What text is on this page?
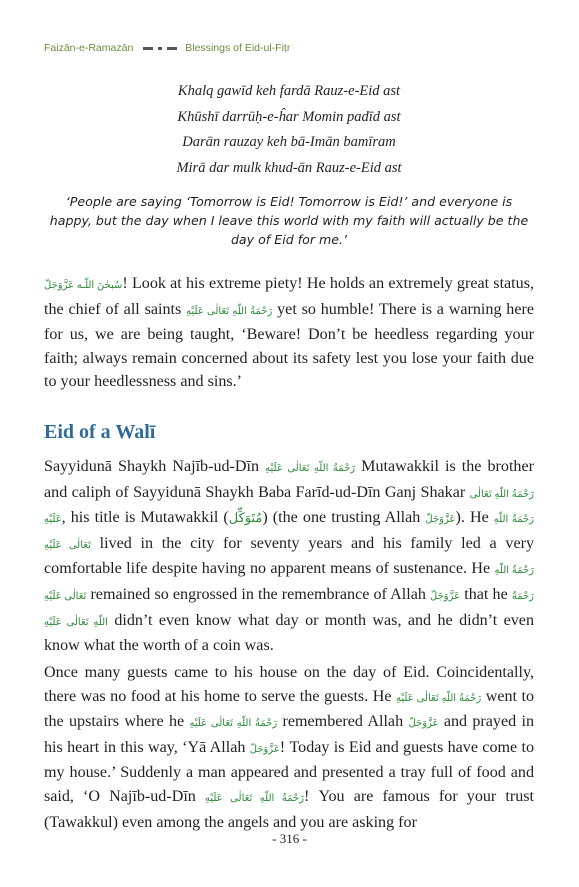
Faizān-e-Ramazān	Blessings of Eid-ul-Fiṭr
Khalq gawīd keh fardā Rauz-e-Eid ast
Khūshī darrūḥ-e-ĥar Momin padīd ast
Darān rauzay keh bā-Imān bamīram
Mirā dar mulk khud-ān Rauz-e-Eid ast
‘People are saying ‘Tomorrow is Eid! Tomorrow is Eid!’ and everyone is happy, but the day when I leave this world with my faith will actually be the day of Eid for me.’
سُبحٰنَ اللّـه عَزَّوَجَلّ! Look at his extreme piety! He holds an extremely great status, the chief of all saints رَحْمَةُ اللّهِ تَعَالٰى عَلَيْهِ yet so humble! There is a warning here for us, we are being taught, ‘Beware! Don’t be heedless regarding your faith; always remain concerned about its safety lest you lose your faith due to your heedlessness and sins.’
Eid of a Walī
Sayyidunā Shaykh Najīb-ud-Dīn رَحْمَةُ اللّهِ تَعَالٰى عَلَيْهِ Mutawakkil is the brother and caliph of Sayyidunā Shaykh Baba Farīd-ud-Dīn Ganj Shakar رَحْمَةُ اللّهِ تَعَالٰى عَلَيْهِ, his title is Mutawakkil (مُتَوَكِّل) (the one trusting Allah عَزَّوَجَلّ). He رَحْمَةُ اللّهِ تَعَالٰى عَلَيْهِ lived in the city for seventy years and his family led a very comfortable life despite having no apparent means of sustenance. He رَحْمَةُ اللّهِ تَعَالٰى عَلَيْهِ remained so engrossed in the remembrance of Allah عَزَّوَجَلّ that he رَحْمَةُ اللّهِ تَعَالٰى عَلَيْهِ didn’t even know what day or month was, and he didn’t even know what the worth of a coin was.
Once many guests came to his house on the day of Eid. Coincidentally, there was no food at his home to serve the guests. He رَحْمَةُ اللّهِ تَعَالٰى عَلَيْهِ went to the upstairs where he رَحْمَةُ اللّهِ تَعَالٰى عَلَيْهِ remembered Allah عَزَّوَجَلّ and prayed in his heart in this way, ‘Yā Allah عَزَّوَجَلّ! Today is Eid and guests have come to my house.’ Suddenly a man appeared and presented a tray full of food and said, ‘O Najīb-ud-Dīn رَحْمَةُ اللّهِ تَعَالٰى عَلَيْهِ! You are famous for your trust (Tawakkul) even among the angels and you are asking for
- 316 -
